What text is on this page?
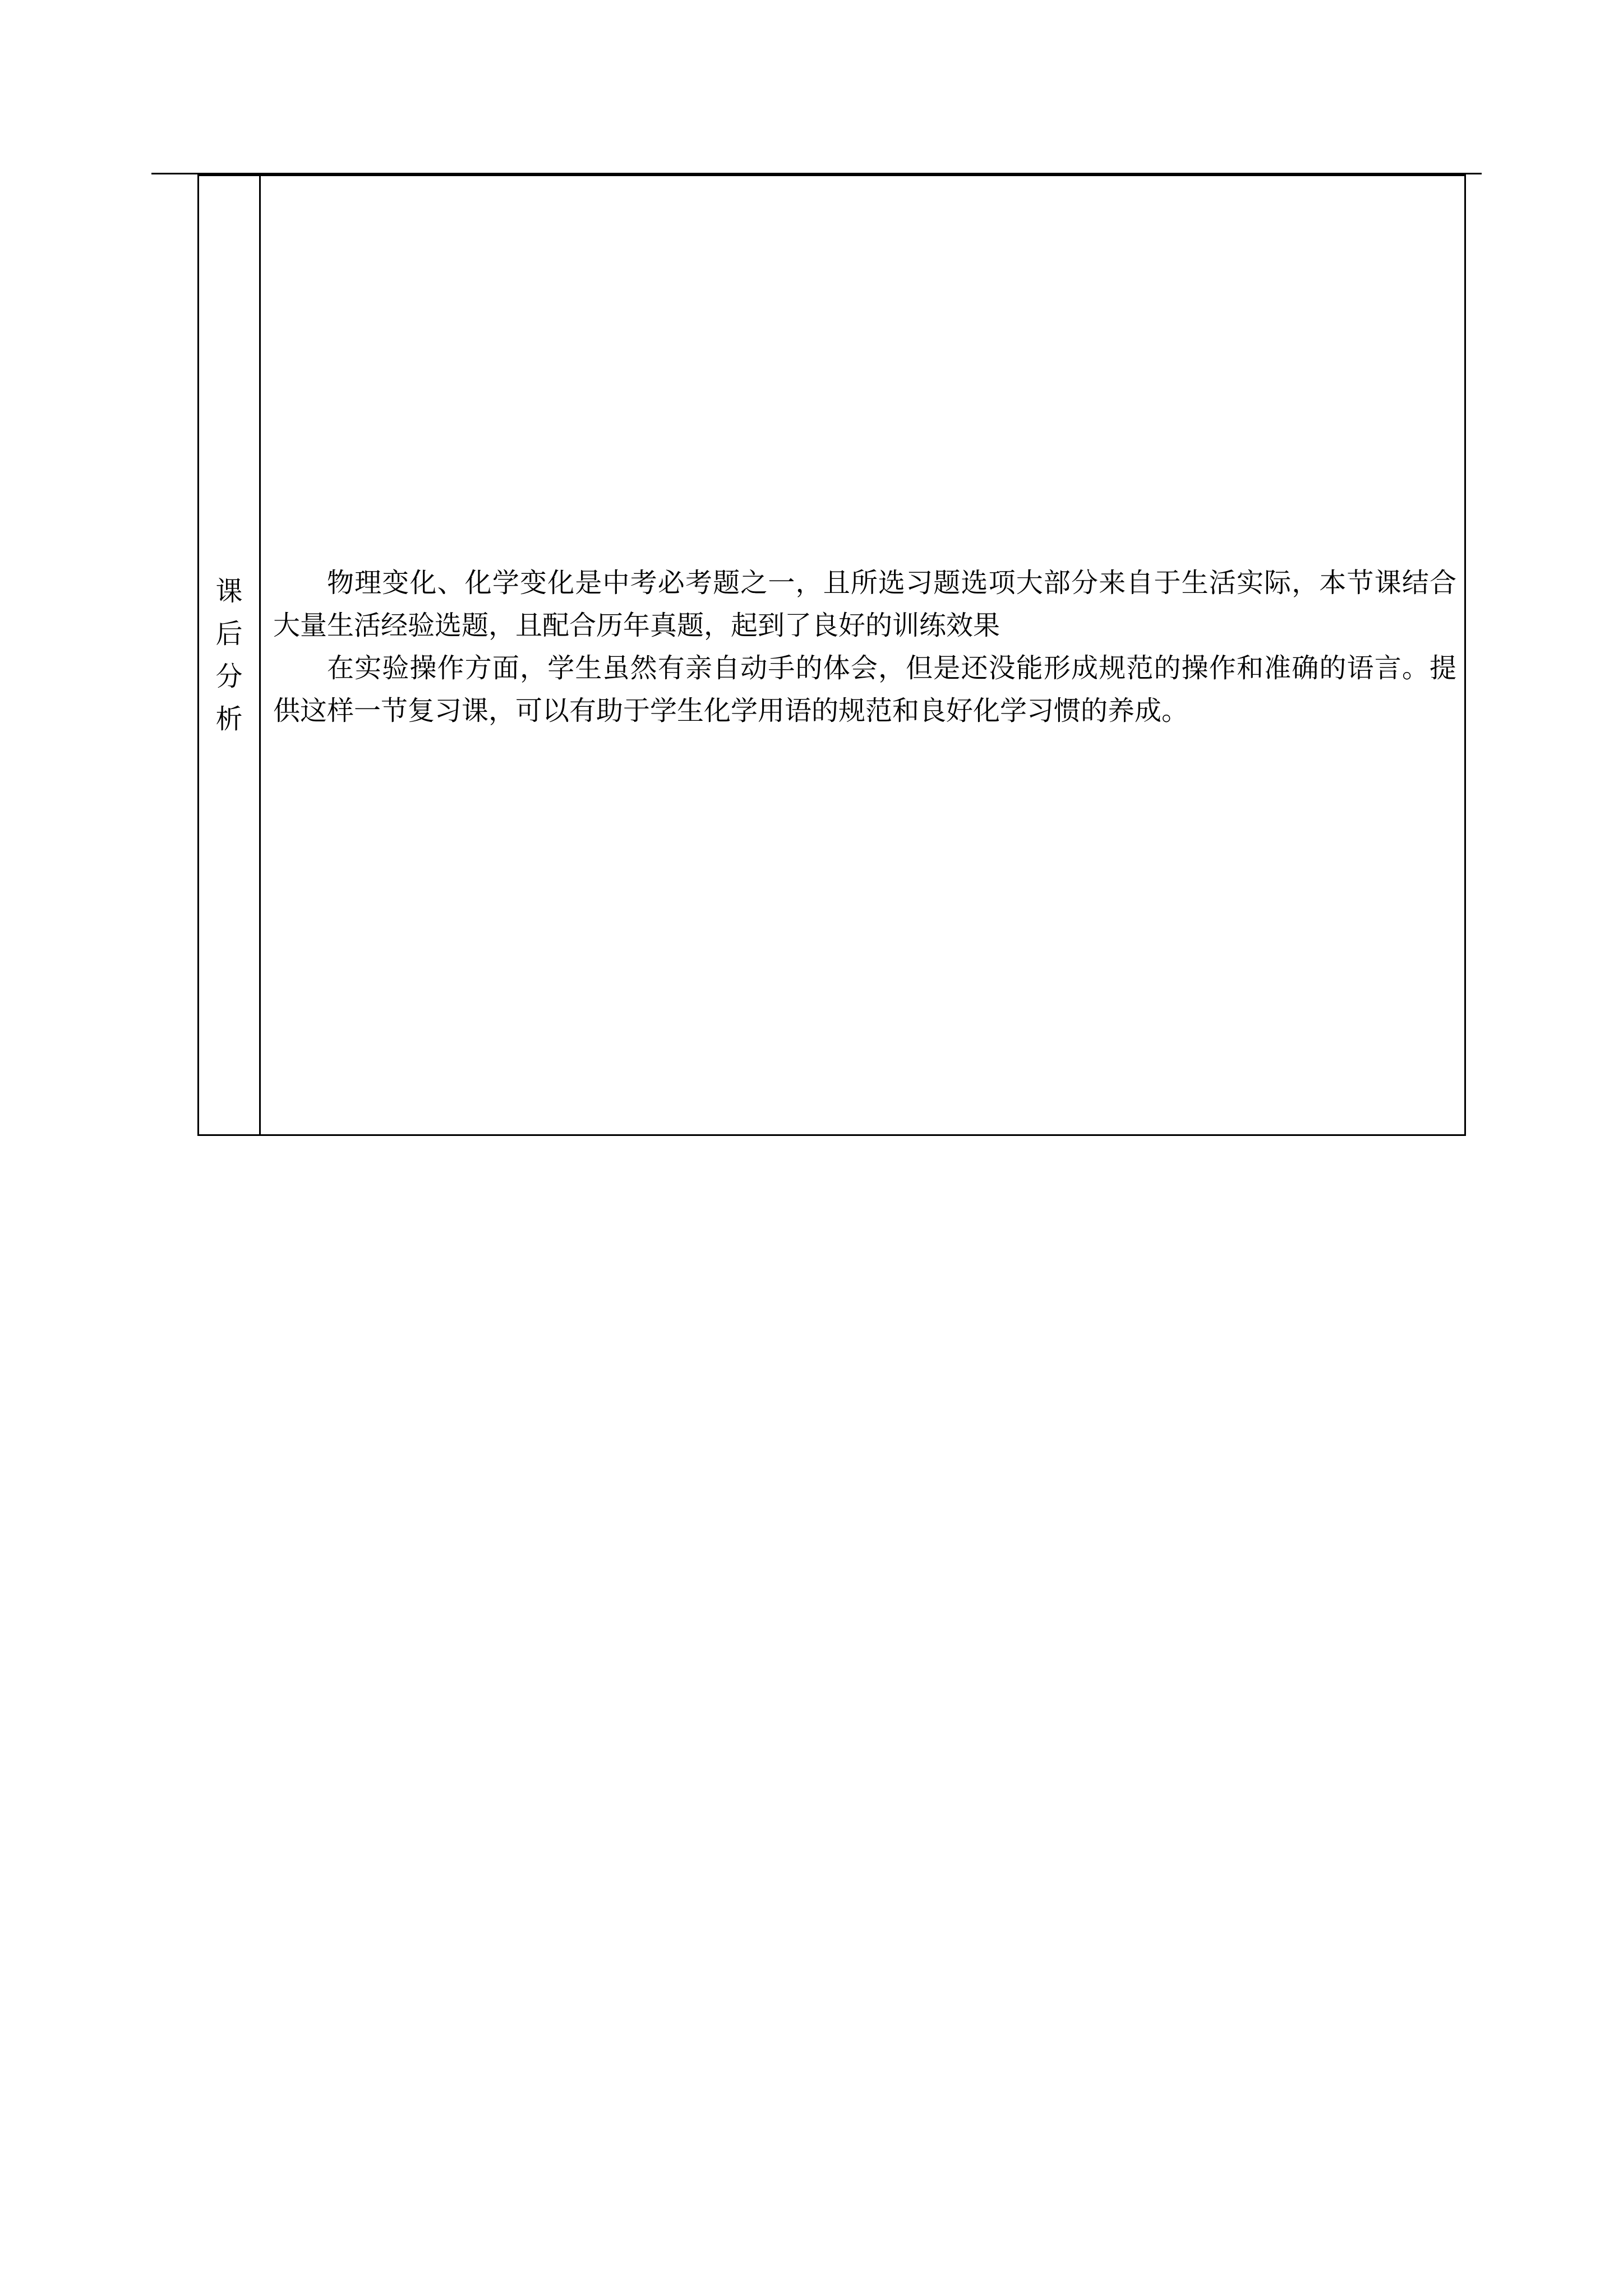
课
后
分
析

物理变化、化学变化是中考必考题之一，且所选习题选项大部分来自于生活实际，本节课结合大量生活经验选题，且配合历年真题，起到了良好的训练效果

在实验操作方面，学生虽然有亲自动手的体会，但是还没能形成规范的操作和准确的语言。提供这样一节复习课，可以有助于学生化学用语的规范和良好化学习惯的养成。
